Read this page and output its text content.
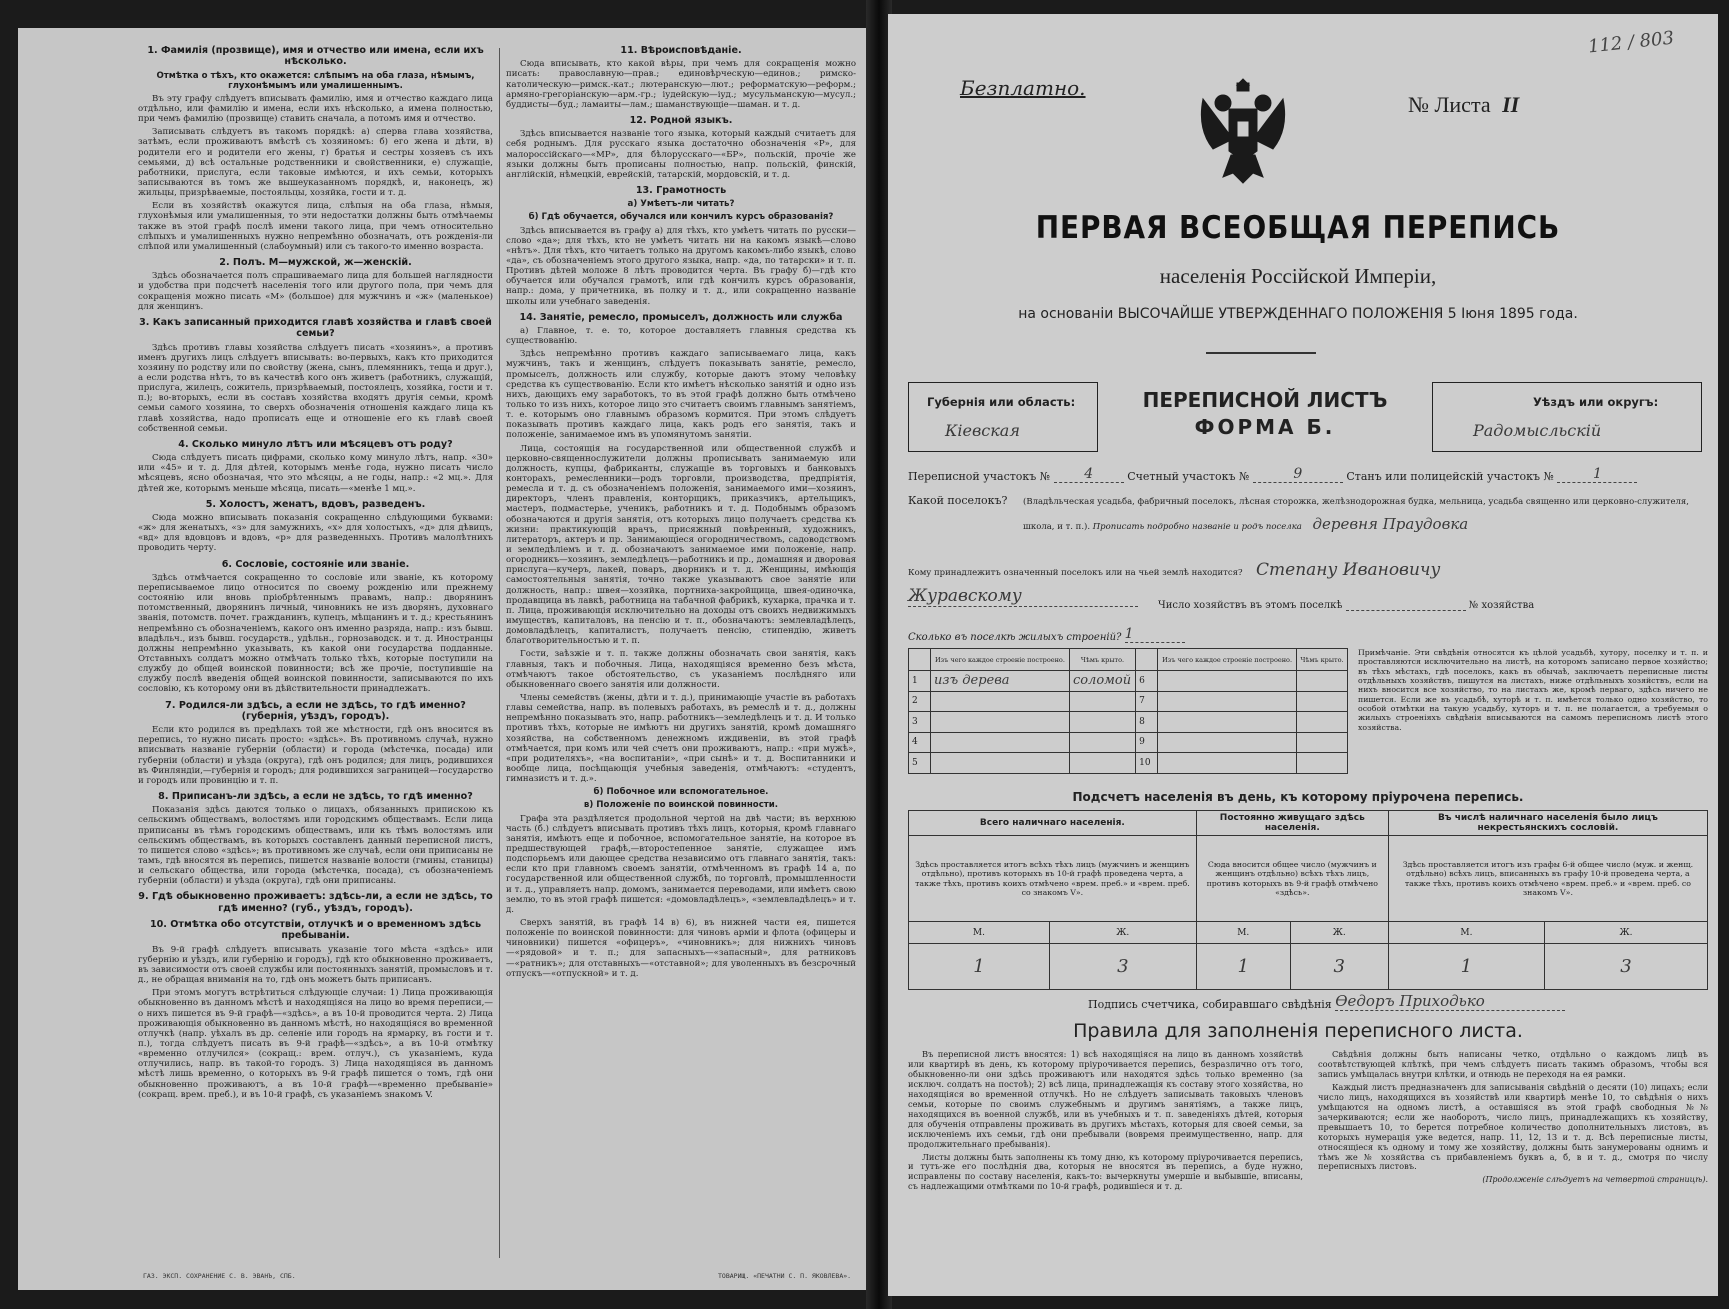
1. Фамилія (прозвище), имя и отчество или имена, если ихъ нѣсколько.
Отмѣтка о тѣхъ, кто окажется: слѣпымъ на оба глаза, нѣмымъ, глухонѣмымъ или умалишеннымъ.

Въ эту графу слѣдуетъ вписывать фамилію, имя и отчество каждаго лица отдѣльно, или фамилію и имена, если ихъ нѣсколько, а имена полностью, при чемъ фамилію (прозвище) ставить сначала, а потомъ имя и отчество.

Записывать слѣдуетъ въ такомъ порядкѣ: а) сперва глава хозяйства, затѣмъ, если проживаютъ вмѣстѣ съ хозяиномъ: б) его жена и дѣти, в) родители его и родители его жены, г) братья и сестры хозяевъ съ ихъ семьями, д) всѣ остальные родственники и свойственники, е) служащіе, работники, прислуга, если таковые имѣются, и ихъ семьи, которыхъ записываются въ томъ же вышеуказанномъ порядкѣ, и, наконецъ, ж) жильцы, призрѣваемые, постояльцы, хозяйка, гости и т. д.

Если въ хозяйствѣ окажутся лица, слѣпыя на оба глаза, нѣмыя, глухонѣмыя или умалишенныя, то эти недостатки должны быть отмѣчаемы также въ этой графѣ послѣ имени такого лица, при чемъ относительно слѣпыхъ и умалишенныхъ нужно непремѣнно обозначать, отъ рожденія-ли слѣпой или умалишенный (слабоумный) или съ такого-то именно возраста.

2. Полъ. М—мужской, ж—женскій.

Здѣсь обозначается полъ спрашиваемаго лица для большей наглядности и удобства при подсчетѣ населенія того или другого пола, при чемъ для сокращенія можно писать «М» (большое) для мужчинъ и «ж» (маленькое) для женщинъ.

3. Какъ записанный приходится главѣ хозяйства и главѣ своей семьи?

Здѣсь противъ главы хозяйства слѣдуетъ писать «хозяинъ», а противъ именъ другихъ лицъ слѣдуетъ вписывать: во-первыхъ, какъ кто приходится хозяину по родству или по свойству (жена, сынъ, племянникъ, теща и друг.), а если родства нѣтъ, то въ качествѣ кого онъ живетъ (работникъ, служащій, прислуга, жилецъ, сожитель, призрѣваемый, постоялецъ, хозяйка, гости и т. п.); во-вторыхъ, если въ составъ хозяйства входятъ другія семьи, кромѣ семьи самого хозяина, то сверхъ обозначенія отношенія каждаго лица къ главѣ хозяйства, надо прописать еще и отношеніе его къ главѣ своей собственной семьи.

4. Сколько минуло лѣтъ или мѣсяцевъ отъ роду?

Сюда слѣдуетъ писать цифрами, сколько кому минуло лѣтъ, напр. «30» или «45» и т. д. Для дѣтей, которымъ менѣе года, нужно писать число мѣсяцевъ, ясно обозначая, что это мѣсяцы, а не годы, напр.: «2 мц.». Для дѣтей же, которымъ меньше мѣсяца, писать—«менѣе 1 мц.».

5. Холостъ, женатъ, вдовъ, разведенъ.

Сюда можно вписывать показанія сокращенно слѣдующими буквами: «ж» для женатыхъ, «з» для замужнихъ, «х» для холостыхъ, «д» для дѣвицъ, «вд» для вдовцовъ и вдовъ, «р» для разведенныхъ. Противъ малолѣтнихъ проводить черту.

6. Сословіе, состояніе или званіе.

Здѣсь отмѣчается сокращенно то сословіе или званіе, къ которому переписываемое лицо относится по своему рожденію или прежнему состоянію или вновь пріобрѣтеннымъ правамъ, напр.: дворянинъ потомственный, дворянинъ личный, чиновникъ не изъ дворянъ, духовнаго званія, потомств. почет. гражданинъ, купецъ, мѣщанинъ и т. д.; крестьянинъ непремѣнно съ обозначеніемъ, какого онъ именно разряда, напр.: изъ бывш. владѣльч., изъ бывш. государств., удѣльн., горнозаводск. и т. д. Иностранцы должны непремѣнно указывать, къ какой они государства подданные. Отставныхъ солдатъ можно отмѣчать только тѣхъ, которые поступили на службу до общей воинской повинности; всѣ же прочіе, поступившіе на службу послѣ введенія общей воинской повинности, записываются по ихъ сословію, къ которому они въ дѣйствительности принадлежатъ.

7. Родился-ли здѣсь, а если не здѣсь, то гдѣ именно? (губернія, уѣздъ, городъ).

Если кто родился въ предѣлахъ той же мѣстности, гдѣ онъ вносится въ перепись, то нужно писать просто: «здѣсь». Въ противномъ случаѣ, нужно вписывать названіе губерніи (области) и города (мѣстечка, посада) или губерніи (области) и уѣзда (округа), гдѣ онъ родился; для лицъ, родившихся въ Финляндіи,—губернія и городъ; для родившихся заграницей—государство и городъ или провинцію и т. п.

8. Приписанъ-ли здѣсь, а если не здѣсь, то гдѣ именно?

Показанія здѣсь даются только о лицахъ, обязанныхъ припискою къ сельскимъ обществамъ, волостямъ или городскимъ обществамъ. Если лица приписаны въ тѣмъ городскимъ обществамъ, или къ тѣмъ волостямъ или сельскимъ обществамъ, въ которыхъ составленъ данный переписной листъ, то пишется слово «здѣсь»; въ противномъ же случаѣ, если они приписаны не тамъ, гдѣ вносятся въ перепись, пишется названіе волости (гмины, станицы) и сельскаго общества, или города (мѣстечка, посада), съ обозначеніемъ губерніи (области) и уѣзда (округа), гдѣ они приписаны.

9. Гдѣ обыкновенно проживаетъ: здѣсь-ли, а если не здѣсь, то гдѣ именно? (губ., уѣздъ, городъ).
10. Отмѣтка обо отсутствіи, отлучкѣ и о временномъ здѣсь пребываніи.

Въ 9-й графѣ слѣдуетъ вписывать указаніе того мѣста «здѣсь» или губернію и уѣздъ, или губернію и городъ), гдѣ кто обыкновенно проживаетъ, въ зависимости отъ своей службы или постоянныхъ занятій, промысловъ и т. д., не обращая вниманія на то, гдѣ онъ можетъ быть приписанъ.

При этомъ могутъ встрѣтиться слѣдующіе случаи: 1) Лица проживающія обыкновенно въ данномъ мѣстѣ и находящіяся на лицо во время переписи,—о нихъ пишется въ 9-й графѣ—«здѣсь», а въ 10-й проводится черта. 2) Лица проживающія обыкновенно въ данномъ мѣстѣ, но находящіяся во временной отлучкѣ (напр. уѣхалъ въ др. селеніе или городъ на ярмарку, въ гости и т. п.), тогда слѣдуетъ писать въ 9-й графѣ—«здѣсь», а въ 10-й отмѣтку «временно отлучился» (сокращ.: врем. отлуч.), съ указаніемъ, куда отлучились, напр. въ такой-то городъ. 3) Лица находящіяся въ данномъ мѣстѣ лишь временно, о которыхъ въ 9-й графѣ пишется о томъ, гдѣ они обыкновенно проживаютъ, а въ 10-й графѣ—«временно пребываніе» (сокращ. врем. преб.), и въ 10-й графѣ, съ указаніемъ знакомъ V.

11. Вѣроисповѣданіе.

Сюда вписывать, кто какой вѣры, при чемъ для сокращенія можно писать: православную—прав.; единовѣрческую—единов.; римско-католическую—римск.-кат.; лютеранскую—лют.; реформатскую—реформ.; армяно-грегоріанскую—арм.-гр.; іудейскую—іуд.; мусульманскую—мусул.; буддисты—буд.; ламаиты—лам.; шаманствующіе—шаман. и т. д.

12. Родной языкъ.

Здѣсь вписывается названіе того языка, который каждый считаетъ для себя роднымъ. Для русскаго языка достаточно обозначенія «Р», для малороссійскаго—«МР», для бѣлорусскаго—«БР», польскій, прочіе же языки должны быть прописаны полностью, напр. польскій, финскій, англійскій, нѣмецкій, еврейскій, татарскій, мордовскій, и т. д.

13. Грамотность
а) Умѣетъ-ли читать?
б) Гдѣ обучается, обучался или кончилъ курсъ образованія?

Здѣсь вписывается въ графу а) для тѣхъ, кто умѣетъ читать по русски—слово «да»; для тѣхъ, кто не умѣетъ читать ни на какомъ языкѣ—слово «нѣтъ». Для тѣхъ, кто читаетъ только на другомъ какомъ-либо языкѣ, слово «да», съ обозначеніемъ этого другого языка, напр. «да, по татарски» и т. п. Противъ дѣтей моложе 8 лѣтъ проводится черта. Въ графу б)—гдѣ кто обучается или обучался грамотѣ, или гдѣ кончилъ курсъ образованія, напр.: дома, у причетника, въ полку и т. д., или сокращенно названіе школы или учебнаго заведенія.

14. Занятіе, ремесло, промыселъ, должность или служба

а) Главное, т. е. то, которое доставляетъ главныя средства къ существованію.

Здѣсь непремѣнно противъ каждаго записываемаго лица, какъ мужчинъ, такъ и женщинъ, слѣдуетъ показывать занятіе, ремесло, промыселъ, должность или службу, которые даютъ этому человѣку средства къ существованію. Если кто имѣетъ нѣсколько занятій и одно изъ нихъ, дающихъ ему заработокъ, то въ этой графѣ должно быть отмѣчено только то изъ нихъ, которое лицо это считаетъ своимъ главнымъ занятіемъ, т. е. которымъ оно главнымъ образомъ кормится. При этомъ слѣдуетъ показывать противъ каждаго лица, какъ родъ его занятія, такъ и положеніе, занимаемое имъ въ упомянутомъ занятіи.

Лица, состоящія на государственной или общественной службѣ и церковно-священнослужители должны прописывать занимаемую или должность, купцы, фабриканты, служащіе въ торговыхъ и банковыхъ конторахъ, ремесленники—родъ торговли, производства, предпріятія, ремесла и т. д. съ обозначеніемъ положенія, занимаемого ими—хозяинъ, директоръ, членъ правленія, конторщикъ, приказчикъ, артельщикъ, мастеръ, подмастерье, ученикъ, работникъ и т. д. Подобнымъ образомъ обозначаются и другія занятія, отъ которыхъ лицо получаетъ средства къ жизни: практикующій врачъ, присяжный повѣренный, художникъ, литераторъ, актеръ и пр. Занимающіеся огородничествомъ, садоводствомъ и земледѣліемъ и т. д. обозначаютъ занимаемое ими положеніе, напр. огородникъ—хозяинъ, земледѣлецъ—работникъ и пр., домашняя и дворовая прислуга—кучеръ, лакей, поваръ, дворникъ и т. д. Женщины, имѣющія самостоятельныя занятія, точно также указываютъ свое занятіе или должность, напр.: швея—хозяйка, портниха-закройщица, швея-одиночка, продавщица въ лавкѣ, работница на табачной фабрикѣ, кухарка, прачка и т. п. Лица, проживающія исключительно на доходы отъ своихъ недвижимыхъ имуществъ, капиталовъ, на пенсію и т. п., обозначаютъ: землевладѣлецъ, домовладѣлецъ, капиталистъ, получаетъ пенсію, стипендію, живетъ благотворительностью и т. п.

Гости, заѣзжіе и т. п. также должны обозначать свои занятія, какъ главныя, такъ и побочныя. Лица, находящіяся временно безъ мѣста, отмѣчаютъ такое обстоятельство, съ указаніемъ послѣдняго или обыкновеннаго своего занятія или должности.

Члены семействъ (жены, дѣти и т. д.), принимающіе участіе въ работахъ главы семейства, напр. въ полевыхъ работахъ, въ ремеслѣ и т. д., должны непремѣнно показывать это, напр. работникъ—земледѣлецъ и т. д. И только противъ тѣхъ, которые не имѣютъ ни другихъ занятій, кромѣ домашняго хозяйства, на собственномъ денежномъ иждивеніи, въ этой графѣ отмѣчается, при комъ или чей счетъ они проживаютъ, напр.: «при мужѣ», «при родителяхъ», «на воспитаніи», «при сынѣ» и т. д. Воспитанники и вообще лица, посѣщающія учебныя заведенія, отмѣчаютъ: «студентъ, гимназистъ и т. д.».

б) Побочное или вспомогательное.
в) Положеніе по воинской повинности.

Графа эта раздѣляется продольной чертой на двѣ части; въ верхнюю часть (б.) слѣдуетъ вписывать противъ тѣхъ лицъ, которыя, кромѣ главнаго занятія, имѣютъ еще и побочное, вспомогательное занятіе, на которое въ предшествующей графѣ,—второстепенное занятіе, служащее имъ подспорьемъ или дающее средства независимо отъ главнаго занятія, такъ: если кто при главномъ своемъ занятіи, отмѣченномъ въ графѣ 14 а, по государственной или общественной службѣ, по торговлѣ, промышленности и т. д., управляетъ напр. домомъ, занимается переводами, или имѣетъ свою землю, то въ этой графѣ пишется: «домовладѣлецъ», «землевладѣлецъ» и т. д.

Сверхъ занятій, въ графѣ 14 в) 6), въ нижней части ея, пишется положеніе по воинской повинности: для чиновъ арміи и флота (офицеры и чиновники) пишется «офицеръ», «чиновникъ»; для нижнихъ чиновъ—«рядовой» и т. п.; для запасныхъ—«запасный», для ратниковъ—«ратникъ»; для отставныхъ—«отставной»; для уволенныхъ въ безсрочный отпускъ—«отпускной» и т. д.

ГАЗ. ЭКСП. СОХРАНЕНИЕ С. В. ЭВАНЪ, СПБ.	ТОВАРИЩ. «ПЕЧАТНИ С. П. ЯКОВЛЕВА».
Безплатно.
112 / 803
№ Листа II
ПЕРВАЯ ВСЕОБЩАЯ ПЕРЕПИСЬ
населенія Россійской Имперіи,
на основаніи ВЫСОЧАЙШЕ УТВЕРЖДЕННАГО ПОЛОЖЕНІЯ 5 Іюня 1895 года.
Губернія или область:
Кіевская
ПЕРЕПИСНОЙ ЛИСТЪ
ФОРМА Б.
Уѣздъ или округъ:
Радомысльскій
Переписной участокъ № 4	Счетный участокъ №	9	Станъ или полицейскій участокъ №	1
Какой поселокъ? (Владѣльческая усадьба, фабричный поселокъ, лѣсная сторожка, желѣзнодорожная будка, мельница, усадьба священно или церковно-служителя, школа, и т. п.). Прописать подробно названіе и родъ поселка деревня Праудовка
Кому принадлежитъ означенный поселокъ или на чьей землѣ находится? Степану Ивановичу
Журавскому	Число хозяйствъ въ этомъ поселкѣ	№ хозяйства
Сколько въ поселкѣ жилыхъ строеній? 1
	Изъ чего каждое строеніе построено.	Чѣмъ крыто.		Изъ чего каждое строеніе построено.	Чѣмъ крыто.
1	изъ дерева	соломой	6		
2			7		
3			8		
4			9		
5			10		
Примѣчаніе. Эти свѣдѣнія относятся къ цѣлой усадьбѣ, хутору, поселку и т. п. и проставляются исключительно на листѣ, на которомъ записано первое хозяйство; въ тѣхъ мѣстахъ, гдѣ поселокъ, какъ въ обычаѣ, заключаетъ переписные листы отдѣльныхъ хозяйствъ, пишутся на листахъ, ниже отдѣльныхъ хозяйствъ, если на нихъ вносится все хозяйство, то на листахъ же, кромѣ перваго, здѣсь ничего не пишется. Если же въ усадьбѣ, хуторѣ и т. п. имѣется только одно хозяйство, то особой отмѣтки на такую усадьбу, хуторъ и т. п. не полагается, а требуемыя о жилыхъ строеніяхъ свѣдѣнія вписываются на самомъ переписномъ листѣ этого хозяйства.
Подсчетъ населенія въ день, къ которому пріурочена перепись.
Всего наличнаго населенія.		Постоянно живущаго здѣсь населенія.		Въ числѣ наличнаго населенія было лицъ некрестьянскихъ сословій.	
Здѣсь проставляется итогъ всѣхъ тѣхъ лицъ (мужчинъ и женщинъ отдѣльно), противъ которыхъ въ 10-й графѣ проведена черта, а также тѣхъ, противъ коихъ отмѣчено «врем. преб.» и «врем. преб. со знакомъ V».		Сюда вносится общее число (мужчинъ и женщинъ отдѣльно) всѣхъ тѣхъ лицъ, противъ которыхъ въ 9-й графѣ отмѣчено «здѣсь».		Здѣсь проставляется итогъ изъ графы 6-й общее число (муж. и женщ. отдѣльно) всѣхъ лицъ, вписанныхъ въ графу 10-й проведена черта, а также тѣхъ, противъ коихъ отмѣчено «врем. преб.» и «врем. преб. со знакомъ V».	
М.	Ж.	М.	Ж.	М.	Ж.
1	3	1	3	1	3
Подпись счетчика, собиравшаго свѣдѣнія Ѳедоръ Приходько
Правила для заполненія переписного листа.

Въ переписной листъ вносятся: 1) всѣ находящіяся на лицо въ данномъ хозяйствѣ или квартирѣ въ день, къ которому пріурочивается перепись, безразлично отъ того, обыкновенно-ли они здѣсь проживаютъ или находятся здѣсь только временно (за исключ. солдатъ на постоѣ); 2) всѣ лица, принадлежащія къ составу этого хозяйства, но находящіяся во временной отлучкѣ. Но не слѣдуетъ записывать таковыхъ членовъ семьи, которые по своимъ служебнымъ и другимъ занятіямъ, а также лицъ, находящихся въ военной службѣ, или въ учебныхъ и т. п. заведеніяхъ дѣтей, которыя для обученія отправлены проживать въ другихъ мѣстахъ, которыя для своей семьи, за исключеніемъ ихъ семьи, гдѣ они пребывали (вовремя преимущественно, напр. для продолжительнаго пребыванія).

Листы должны быть заполнены къ тому дню, къ которому пріурочивается перепись, и тутъ-же его послѣднія два, которыя не вносятся въ перепись, а буде нужно, исправлены по составу населенія, какъ-то: вычеркнуты умершіе и выбывшіе, вписаны, съ надлежащими отмѣтками по 10-й графѣ, родившіеся и т. д.

Свѣдѣнія должны быть написаны четко, отдѣльно о каждомъ лицѣ въ соотвѣтствующей клѣткѣ, при чемъ слѣдуетъ писать такимъ образомъ, чтобы вся запись умѣщалась внутри клѣтки, и отнюдь не переходя на ея рамки.

Каждый листъ предназначенъ для записыванія свѣдѣній о десяти (10) лицахъ; если число лицъ, находящихся въ хозяйствѣ или квартирѣ менѣе 10, то свѣдѣнія о нихъ умѣщаются на одномъ листѣ, а оставшіяся въ этой графѣ свободныя №№ зачеркиваются; если же наоборотъ, число лицъ, принадлежащихъ къ хозяйству, превышаетъ 10, то берется потребное количество дополнительныхъ листовъ, въ которыхъ нумерація уже ведется, напр. 11, 12, 13 и т. д. Всѣ переписные листы, относящіеся къ одному и тому же хозяйству, должны быть занумерованы однимъ и тѣмъ же № хозяйства съ прибавленіемъ буквъ а, б, в и т. д., смотря по числу переписныхъ листовъ.

(Продолженіе слѣдуетъ на четвертой страницѣ).
